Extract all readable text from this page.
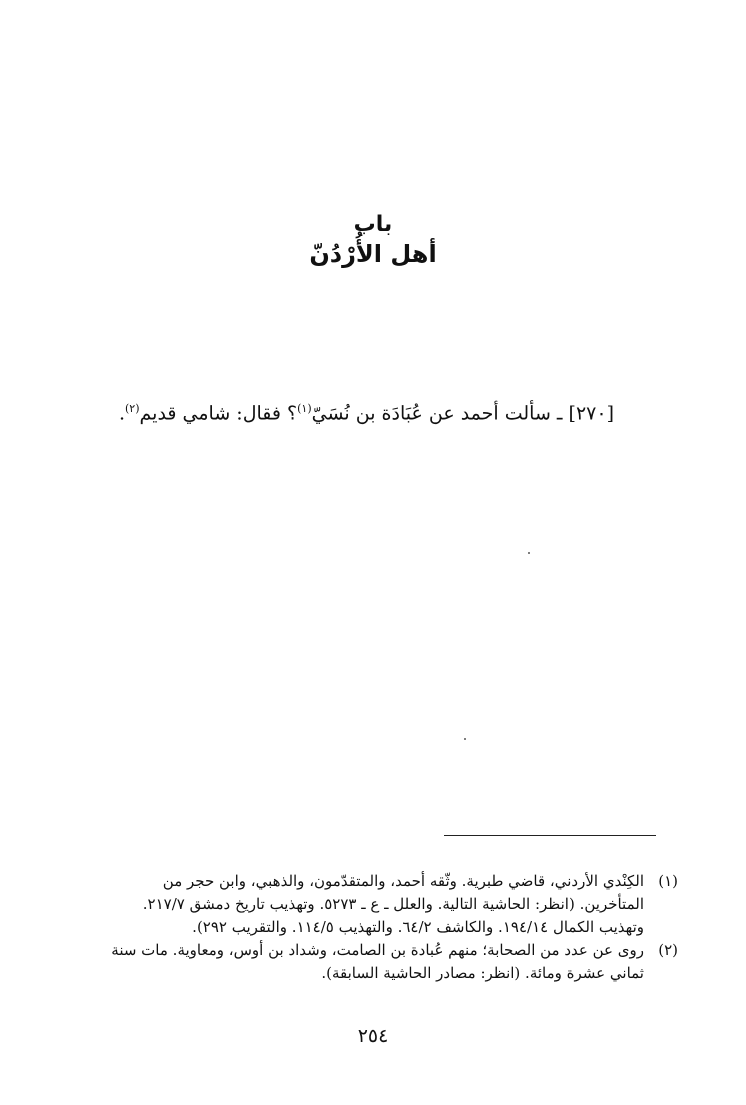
باب
أهل الأُرْدُنّ
[٢٧٠] ـ سألت أحمد عن عُبَادَة بن نُسَيّ$^{(١)}$؟ فقال: شامي قديم$^{(٢)}$.
(١)
الكِنْدي الأردني، قاضي طبرية. وثّقه أحمد، والمتقدّمون، والذهبي، وابن حجر من
المتأخرين. (انظر: الحاشية التالية. والعلل ـ ع ـ ٥٢٧٣. وتهذيب تاريخ دمشق ٢١٧/٧.
وتهذيب الكمال ١٩٤/١٤. والكاشف ٦٤/٢. والتهذيب ١١٤/٥. والتقريب ٢٩٢).
(٢)
روى عن عدد من الصحابة؛ منهم عُبادة بن الصامت، وشداد بن أوس، ومعاوية. مات سنة
ثماني عشرة ومائة. (انظر: مصادر الحاشية السابقة).
٢٥٤
